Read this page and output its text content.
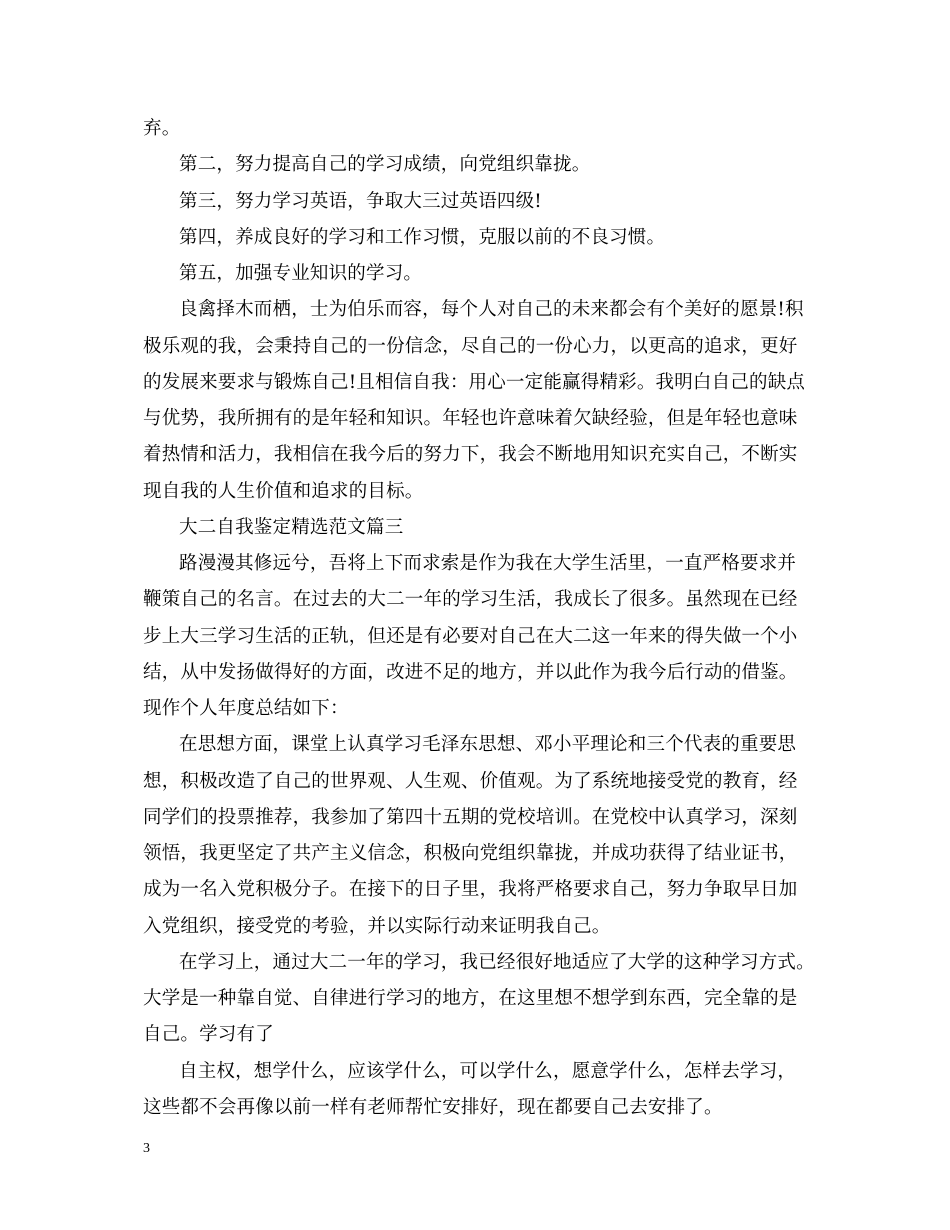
弃。
第二，努力提高自己的学习成绩，向党组织靠拢。
第三，努力学习英语，争取大三过英语四级!
第四，养成良好的学习和工作习惯，克服以前的不良习惯。
第五，加强专业知识的学习。
良禽择木而栖，士为伯乐而容，每个人对自己的未来都会有个美好的愿景!积
极乐观的我，会秉持自己的一份信念，尽自己的一份心力，以更高的追求，更好
的发展来要求与锻炼自己!且相信自我：用心一定能赢得精彩。我明白自己的缺点
与优势，我所拥有的是年轻和知识。年轻也许意味着欠缺经验，但是年轻也意味
着热情和活力，我相信在我今后的努力下，我会不断地用知识充实自己，不断实
现自我的人生价值和追求的目标。
大二自我鉴定精选范文篇三
路漫漫其修远兮，吾将上下而求索是作为我在大学生活里，一直严格要求并
鞭策自己的名言。在过去的大二一年的学习生活，我成长了很多。虽然现在已经
步上大三学习生活的正轨，但还是有必要对自己在大二这一年来的得失做一个小
结，从中发扬做得好的方面，改进不足的地方，并以此作为我今后行动的借鉴。
现作个人年度总结如下：
在思想方面，课堂上认真学习毛泽东思想、邓小平理论和三个代表的重要思
想，积极改造了自己的世界观、人生观、价值观。为了系统地接受党的教育，经
同学们的投票推荐，我参加了第四十五期的党校培训。在党校中认真学习，深刻
领悟，我更坚定了共产主义信念，积极向党组织靠拢，并成功获得了结业证书，
成为一名入党积极分子。在接下的日子里，我将严格要求自己，努力争取早日加
入党组织，接受党的考验，并以实际行动来证明我自己。
在学习上，通过大二一年的学习，我已经很好地适应了大学的这种学习方式。
大学是一种靠自觉、自律进行学习的地方，在这里想不想学到东西，完全靠的是
自己。学习有了
自主权，想学什么，应该学什么，可以学什么，愿意学什么，怎样去学习，
这些都不会再像以前一样有老师帮忙安排好，现在都要自己去安排了。
3
